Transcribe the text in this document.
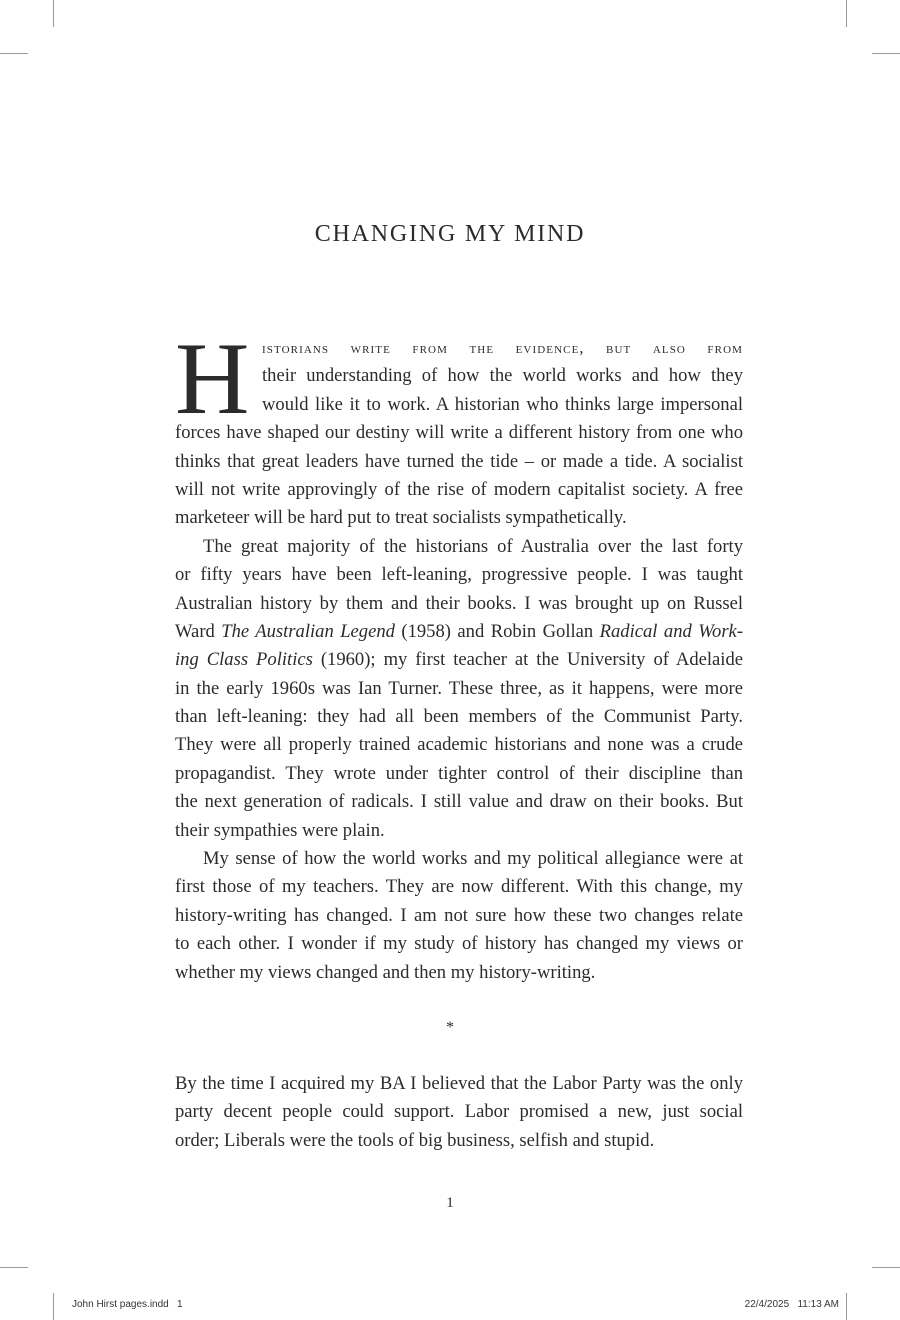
CHANGING MY MIND
H istorians write from the evidence, but also from
their understanding of how the world works and how they
would like it to work. A historian who thinks large impersonal
forces have shaped our destiny will write a different history from one who
thinks that great leaders have turned the tide – or made a tide. A socialist
will not write approvingly of the rise of modern capitalist society. A free
marketeer will be hard put to treat socialists sympathetically.
The great majority of the historians of Australia over the last forty
or fifty years have been left-leaning, progressive people. I was taught
Australian history by them and their books. I was brought up on Russel
Ward The Australian Legend (1958) and Robin Gollan Radical and Work-
ing Class Politics (1960); my first teacher at the University of Adelaide
in the early 1960s was Ian Turner. These three, as it happens, were more
than left-leaning: they had all been members of the Communist Party.
They were all properly trained academic historians and none was a crude
propagandist. They wrote under tighter control of their discipline than
the next generation of radicals. I still value and draw on their books. But
their sympathies were plain.
My sense of how the world works and my political allegiance were at
first those of my teachers. They are now different. With this change, my
history-writing has changed. I am not sure how these two changes relate
to each other. I wonder if my study of history has changed my views or
whether my views changed and then my history-writing.
*
By the time I acquired my BA I believed that the Labor Party was the only
party decent people could support. Labor promised a new, just social
order; Liberals were the tools of big business, selfish and stupid.
1
John Hirst pages.indd   1	22/4/2025   11:13 AM
